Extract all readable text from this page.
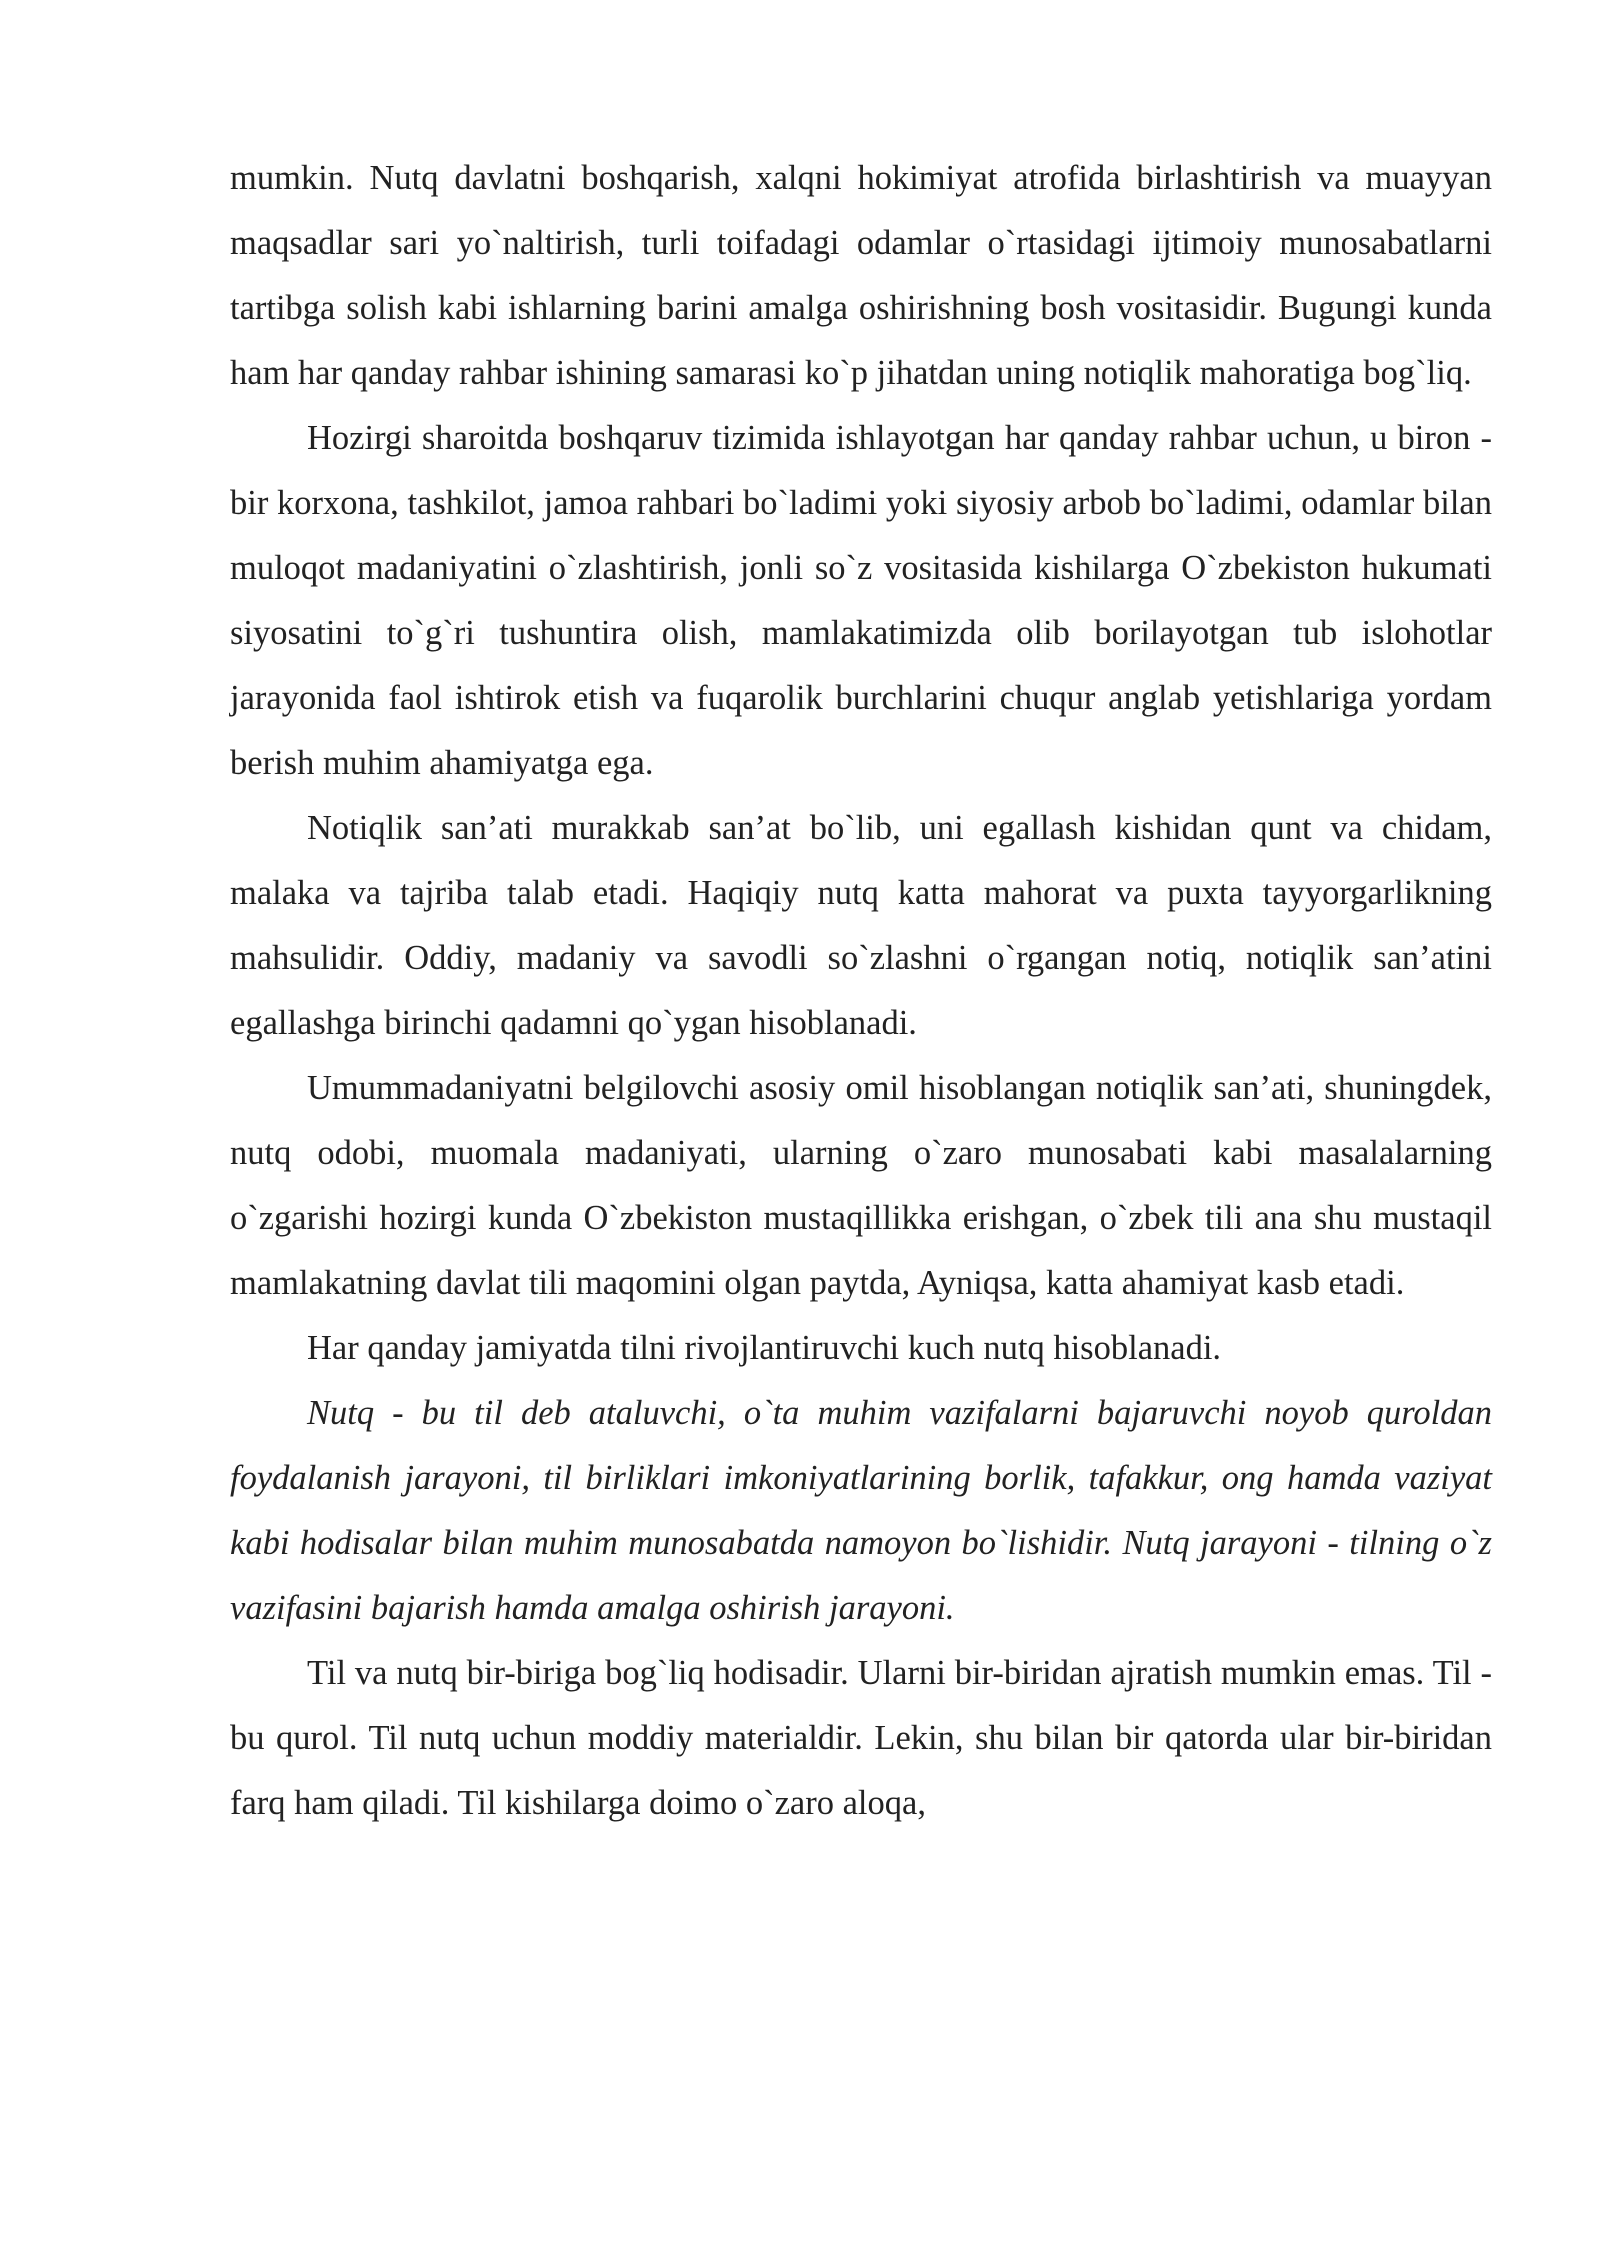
mumkin. Nutq davlatni boshqarish, xalqni hokimiyat atrofida birlashtirish va muayyan maqsadlar sari yo`naltirish, turli toifadagi odamlar o`rtasidagi ijtimoiy munosabatlarni tartibga solish kabi ishlarning barini amalga oshirishning bosh vositasidir. Bugungi kunda ham har qanday rahbar ishining samarasi ko`p jihatdan uning notiqlik mahoratiga bog`liq.

Hozirgi sharoitda boshqaruv tizimida ishlayotgan har qanday rahbar uchun, u biron - bir korxona, tashkilot, jamoa rahbari bo`ladimi yoki siyosiy arbob bo`ladimi, odamlar bilan muloqot madaniyatini o`zlashtirish, jonli so`z vositasida kishilarga O`zbekiston hukumati siyosatini to`g`ri tushuntira olish, mamlakatimizda olib borilayotgan tub islohotlar jarayonida faol ishtirok etish va fuqarolik burchlarini chuqur anglab yetishlariga yordam berish muhim ahamiyatga ega.

Notiqlik san’ati murakkab san’at bo`lib, uni egallash kishidan qunt va chidam, malaka va tajriba talab etadi. Haqiqiy nutq katta mahorat va puxta tayyorgarlikning mahsulidir. Oddiy, madaniy va savodli so`zlashni o`rgangan notiq, notiqlik san’atini egallashga birinchi qadamni qo`ygan hisoblanadi.

Umummadaniyatni belgilovchi asosiy omil hisoblangan notiqlik san’ati, shuningdek, nutq odobi, muomala madaniyati, ularning o`zaro munosabati kabi masalalarning o`zgarishi hozirgi kunda O`zbekiston mustaqillikka erishgan, o`zbek tili ana shu mustaqil mamlakatning davlat tili maqomini olgan paytda, Ayniqsa, katta ahamiyat kasb etadi.

Har qanday jamiyatda tilni rivojlantiruvchi kuch nutq hisoblanadi.

Nutq - bu til deb ataluvchi, o`ta muhim vazifalarni bajaruvchi noyob quroldan foydalanish jarayoni, til birliklari imkoniyatlarining borlik, tafakkur, ong hamda vaziyat kabi hodisalar bilan muhim munosabatda namoyon bo`lishidir. Nutq jarayoni - tilning o`z vazifasini bajarish hamda amalga oshirish jarayoni.

Til va nutq bir-biriga bog`liq hodisadir. Ularni bir-biridan ajratish mumkin emas. Til - bu qurol. Til nutq uchun moddiy materialdir. Lekin, shu bilan bir qatorda ular bir-biridan farq ham qiladi. Til kishilarga doimo o`zaro aloqa,
